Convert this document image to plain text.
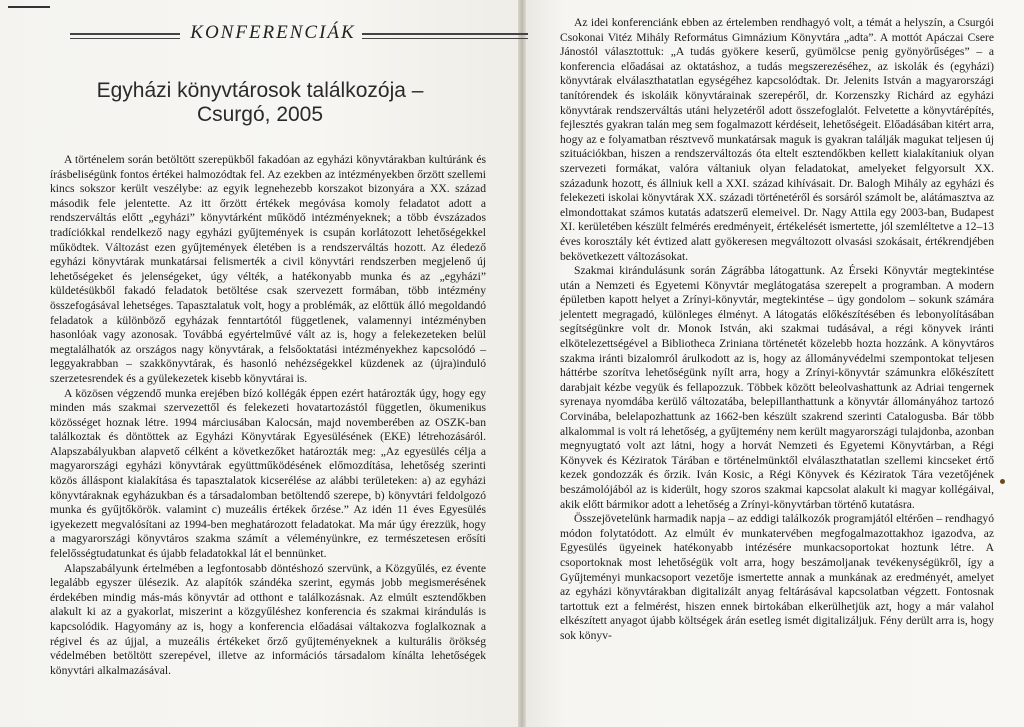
KONFERENCIÁK
Egyházi könyvtárosok találkozója –
Csurgó, 2005

A történelem során betöltött szerepükből fakadóan az egyházi könyvtárakban kultúránk és írásbeliségünk fontos értékei halmozódtak fel. Az ezekben az intézményekben őrzött szellemi kincs sokszor került veszélybe: az egyik legnehezebb korszakot bizonyára a XX. század második fele jelentette. Az itt őrzött értékek megóvása komoly feladatot adott a rendszerváltás előtt „egyházi” könyvtárként működő intézményeknek; a több évszázados tradíciókkal rendelkező nagy egyházi gyűjtemények is csupán korlátozott lehetőségekkel működtek. Változást ezen gyűjtemények életében is a rendszerváltás hozott. Az éledező egyházi könyvtárak munkatársai felismerték a civil könyvtári rendszerben megjelenő új lehetőségeket és jelenségeket, úgy vélték, a hatékonyabb munka és az „egyházi” küldetésükből fakadó feladatok betöltése csak szervezett formában, több intézmény összefogásával lehetséges. Tapasztalatuk volt, hogy a problémák, az előttük álló megoldandó feladatok a különböző egyházak fenntartótól függetlenek, valamennyi intézményben hasonlóak vagy azonosak. Továbbá egyértelművé vált az is, hogy a felekezeteken belül megtalálhatók az országos nagy könyvtárak, a felsőoktatási intézményekhez kapcsolódó – leggyakrabban – szakkönyvtárak, és hasonló nehézségekkel küzdenek az (újra)induló szerzetesrendek és a gyülekezetek kisebb könyvtárai is.

A közösen végzendő munka erejében bízó kollégák éppen ezért határozták úgy, hogy egy minden más szakmai szervezettől és felekezeti hovatartozástól független, ökumenikus közösséget hoznak létre. 1994 márciusában Kalocsán, majd novemberében az OSZK-ban találkoztak és döntöttek az Egyházi Könyvtárak Egyesülésének (EKE) létrehozásáról. Alapszabályukban alapvető célként a következőket határozták meg: „Az egyesülés célja a magyarországi egyházi könyvtárak együttműködésének előmozdítása, lehetőség szerinti közös álláspont kialakítása és tapasztalatok kicserélése az alábbi területeken: a) az egyházi könyvtáraknak egyházukban és a társadalomban betöltendő szerepe, b) könyvtári feldolgozó munka és gyűjtőkörök. valamint c) muzeális értékek őrzése.” Az idén 11 éves Egyesülés igyekezett megvalósítani az 1994-ben meghatározott feladatokat. Ma már úgy érezzük, hogy a magyarországi könyvtáros szakma számít a véleményünkre, ez természetesen erősíti felelősségtudatunkat és újabb feladatokkal lát el bennünket.

Alapszabályunk értelmében a legfontosabb döntéshozó szervünk, a Közgyűlés, ez évente legalább egyszer ülésezik. Az alapítók szándéka szerint, egymás jobb megismerésének érdekében mindig más-más könyvtár ad otthont e találkozásnak. Az elmúlt esztendőkben alakult ki az a gyakorlat, miszerint a közgyűléshez konferencia és szakmai kirándulás is kapcsolódik. Hagyomány az is, hogy a konferencia előadásai váltakozva foglalkoznak a régivel és az újjal, a muzeális értékeket őrző gyűjteményeknek a kulturális örökség védelmében betöltött szerepével, illetve az információs társadalom kínálta lehetőségek könyvtári alkalmazásával.

Az idei konferenciánk ebben az értelemben rendhagyó volt, a témát a helyszín, a Csurgói Csokonai Vitéz Mihály Református Gimnázium Könyvtára „adta”. A mottót Apáczai Csere Jánostól választottuk: „A tudás gyökere keserű, gyümölcse penig gyönyörűséges” – a konferencia előadásai az oktatáshoz, a tudás megszerezéséhez, az iskolák és (egyházi) könyvtárak elválaszthatatlan egységéhez kapcsolódtak. Dr. Jelenits István a magyarországi tanítórendek és iskoláik könyvtárainak szerepéről, dr. Korzenszky Richárd az egyházi könyvtárak rendszerváltás utáni helyzetéről adott összefoglalót. Felvetette a könyvtárépítés, fejlesztés gyakran talán meg sem fogalmazott kérdéseit, lehetőségeit. Előadásában kitért arra, hogy az e folyamatban résztvevő munkatársak maguk is gyakran találják magukat teljesen új szituációkban, hiszen a rendszerváltozás óta eltelt esztendőkben kellett kialakítaniuk olyan szervezeti formákat, valóra váltaniuk olyan feladatokat, amelyeket felgyorsult XX. századunk hozott, és állniuk kell a XXI. század kihívásait. Dr. Balogh Mihály az egyházi és felekezeti iskolai könyvtárak XX. századi történetéről és sorsáról számolt be, alátámasztva az elmondottakat számos kutatás adatszerű elemeivel. Dr. Nagy Attila egy 2003-ban, Budapest XI. kerületében készült felmérés eredményeit, értékelését ismertette, jól szemléltetve a 12–13 éves korosztály két évtized alatt gyökeresen megváltozott olvasási szokásait, értékrendjében bekövetkezett változásokat.

Szakmai kirándulásunk során Zágrábba látogattunk. Az Érseki Könyvtár megtekintése után a Nemzeti és Egyetemi Könyvtár meglátogatása szerepelt a programban. A modern épületben kapott helyet a Zrínyi-könyvtár, megtekintése – úgy gondolom – sokunk számára jelentett megragadó, különleges élményt. A látogatás előkészítésében és lebonyolításában segítségünkre volt dr. Monok István, aki szakmai tudásával, a régi könyvek iránti elkötelezettségével a Bibliotheca Zriniana történetét közelebb hozta hozzánk. A könyvtáros szakma iránti bizalomról árulkodott az is, hogy az állományvédelmi szempontokat teljesen háttérbe szorítva lehetőségünk nyílt arra, hogy a Zrínyi-könyvtár számunkra előkészített darabjait kézbe vegyük és fellapozzuk. Többek között beleolvashattunk az Adriai tengernek syrenaya nyomdába kerülő változatába, belepillanthattunk a könyvtár állományához tartozó Corvinába, belelapozhattunk az 1662-ben készült szakrend szerinti Catalogusba. Bár több alkalommal is volt rá lehetőség, a gyűjtemény nem került magyarországi tulajdonba, azonban megnyugtató volt azt látni, hogy a horvát Nemzeti és Egyetemi Könyvtárban, a Régi Könyvek és Kéziratok Tárában e történelmünktől elválaszthatatlan szellemi kincseket értő kezek gondozzák és őrzik. Iván Kosic, a Régi Könyvek és Kéziratok Tára vezetőjének beszámolójából az is kiderült, hogy szoros szakmai kapcsolat alakult ki magyar kollégáival, akik előtt bármikor adott a lehetőség a Zrínyi-könyvtárban történő kutatásra.

Összejövetelünk harmadik napja – az eddigi találkozók programjától eltérően – rendhagyó módon folytatódott. Az elmúlt év munkatervében megfogalmazottakhoz igazodva, az Egyesülés ügyeinek hatékonyabb intézésére munkacsoportokat hoztunk létre. A csoportoknak most lehetőségük volt arra, hogy beszámoljanak tevékenységükről, így a Gyűjteményi munkacsoport vezetője ismertette annak a munkának az eredményét, amelyet az egyházi könyvtárakban digitalizált anyag feltárásával kapcsolatban végzett. Fontosnak tartottuk ezt a felmérést, hiszen ennek birtokában elkerülhetjük azt, hogy a már valahol elkészített anyagot újabb költségek árán esetleg ismét digitalizáljuk. Fény derült arra is, hogy sok könyv-
